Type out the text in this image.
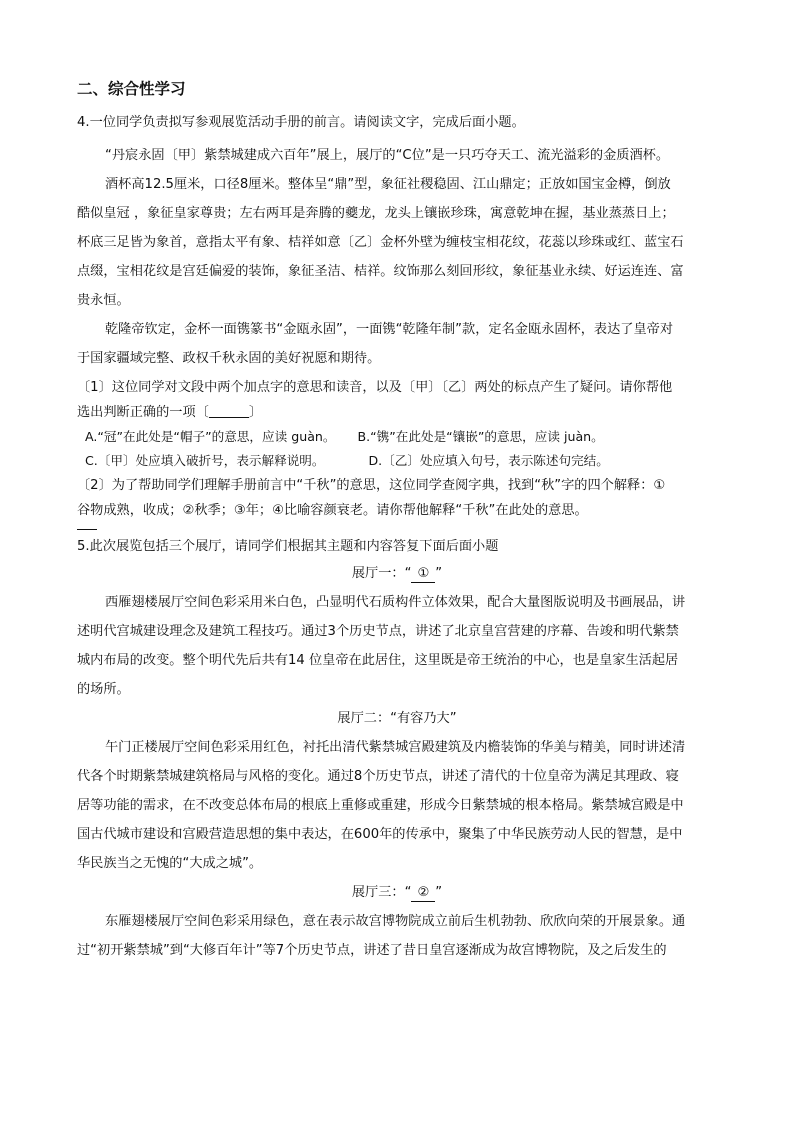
二、综合性学习
4.一位同学负责拟写参观展览活动手册的前言。请阅读文字，完成后面小题。
“丹宸永固〔甲〕紫禁城建成六百年”展上，展厅的“C位”是一只巧夺天工、流光溢彩的金质酒杯。
酒杯高12.5厘米，口径8厘米。整体呈“鼎”型，象征社稷稳固、江山鼎定；正放如国宝金樽，倒放
酷似皇冠 ，象征皇家尊贵；左右两耳是奔腾的夔龙，龙头上镶嵌珍珠，寓意乾坤在握，基业蒸蒸日上；
杯底三足皆为象首，意指太平有象、桔祥如意〔乙〕金杯外壁为缠枝宝相花纹，花蕊以珍珠或红、蓝宝石
点缀，宝相花纹是宫廷偏爱的装饰，象征圣洁、桔祥。纹饰那么刻回形纹，象征基业永续、好运连连、富
贵永恒。
乾隆帝钦定，金杯一面镌篆书“金瓯永固”，一面镌“乾隆年制”款，定名金瓯永固杯，表达了皇帝对
于国家疆域完整、政权千秋永固的美好祝愿和期待。
〔1〕这位同学对文段中两个加点字的意思和读音，以及〔甲〕〔乙〕两处的标点产生了疑问。请你帮他
选出判断正确的一项〔	〕
A.“冠”在此处是“帽子”的意思，应读 guàn。 B.“镌”在此处是“镶嵌”的意思，应读 juàn。
C.〔甲〕处应填入破折号，表示解释说明。	D.〔乙〕处应填入句号，表示陈述句完结。
〔2〕为了帮助同学们理解手册前言中“千秋”的意思，这位同学查阅字典，找到“秋”字的四个解释：①
谷物成熟，收成；②秋季；③年；④比喻容颜衰老。请你帮他解释“千秋”在此处的意思。
5.此次展览包括三个展厅，请同学们根据其主题和内容答复下面后面小题
展厅一：“ ① ”
西雁翅楼展厅空间色彩采用米白色，凸显明代石质构件立体效果，配合大量图版说明及书画展品，讲
述明代宫城建设理念及建筑工程技巧。通过3个历史节点，讲述了北京皇宫营建的序幕、告竣和明代紫禁
城内布局的改变。整个明代先后共有14 位皇帝在此居住，这里既是帝王统治的中心，也是皇家生活起居
的场所。
展厅二：“有容乃大”
午门正楼展厅空间色彩采用红色，衬托出清代紫禁城宫殿建筑及内檐装饰的华美与精美，同时讲述清
代各个时期紫禁城建筑格局与风格的变化。通过8个历史节点，讲述了清代的十位皇帝为满足其理政、寝
居等功能的需求，在不改变总体布局的根底上重修或重建，形成今日紫禁城的根本格局。紫禁城宫殿是中
国古代城市建设和宫殿营造思想的集中表达，在600年的传承中，聚集了中华民族劳动人民的智慧，是中
华民族当之无愧的“大成之城”。
展厅三：“ ② ”
东雁翅楼展厅空间色彩采用绿色，意在表示故宫博物院成立前后生机勃勃、欣欣向荣的开展景象。通
过“初开紫禁城”到“大修百年计”等7个历史节点，讲述了昔日皇宫逐渐成为故宫博物院，及之后发生的
